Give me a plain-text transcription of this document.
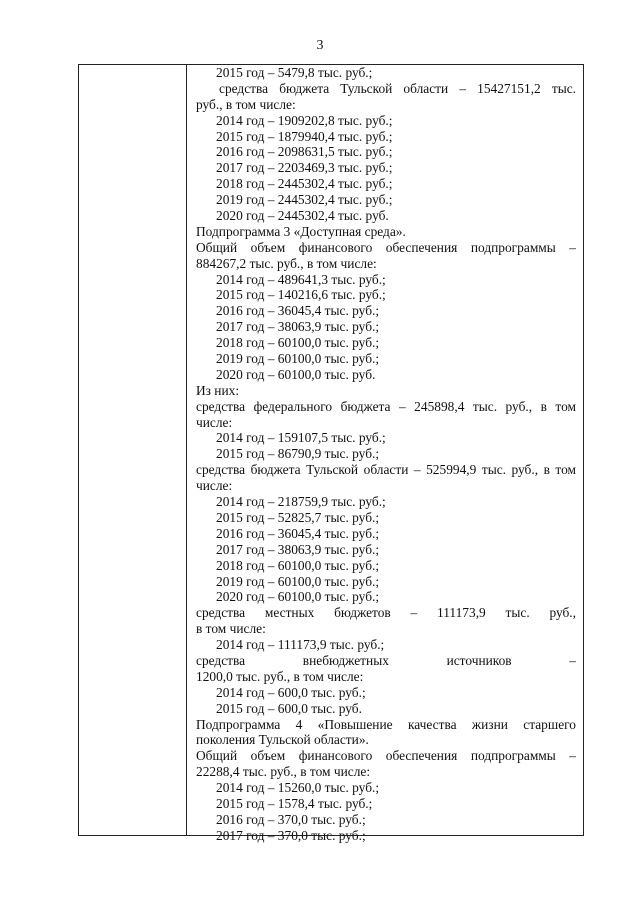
3
2015 год – 5479,8 тыс. руб.;
средства бюджета Тульской области – 15427151,2 тыс.
руб., в том числе:
2014 год – 1909202,8 тыс. руб.;
2015 год – 1879940,4 тыс. руб.;
2016 год – 2098631,5 тыс. руб.;
2017 год – 2203469,3 тыс. руб.;
2018 год – 2445302,4 тыс. руб.;
2019 год – 2445302,4 тыс. руб.;
2020 год – 2445302,4 тыс. руб.
Подпрограмма 3 «Доступная среда».
Общий объем финансового обеспечения подпрограммы –
884267,2 тыс. руб., в том числе:
2014 год – 489641,3 тыс. руб.;
2015 год – 140216,6 тыс. руб.;
2016 год – 36045,4 тыс. руб.;
2017 год – 38063,9 тыс. руб.;
2018 год – 60100,0 тыс. руб.;
2019 год – 60100,0 тыс. руб.;
2020 год – 60100,0 тыс. руб.
Из них:
средства федерального бюджета – 245898,4 тыс. руб., в том
числе:
2014 год – 159107,5 тыс. руб.;
2015 год – 86790,9 тыс. руб.;
средства бюджета Тульской области – 525994,9 тыс. руб., в том
числе:
2014 год – 218759,9 тыс. руб.;
2015 год – 52825,7 тыс. руб.;
2016 год – 36045,4 тыс. руб.;
2017 год – 38063,9 тыс. руб.;
2018 год – 60100,0 тыс. руб.;
2019 год – 60100,0 тыс. руб.;
2020 год – 60100,0 тыс. руб.;
средства местных бюджетов – 111173,9 тыс. руб.,
в том числе:
2014 год – 111173,9 тыс. руб.;
средства внебюджетных источников –
1200,0 тыс. руб., в том числе:
2014 год – 600,0 тыс. руб.;
2015 год – 600,0 тыс. руб.
Подпрограмма 4 «Повышение качества жизни старшего
поколения Тульской области».
Общий объем финансового обеспечения подпрограммы –
22288,4 тыс. руб., в том числе:
2014 год – 15260,0 тыс. руб.;
2015 год – 1578,4 тыс. руб.;
2016 год – 370,0 тыс. руб.;
2017 год – 370,0 тыс. руб.;
